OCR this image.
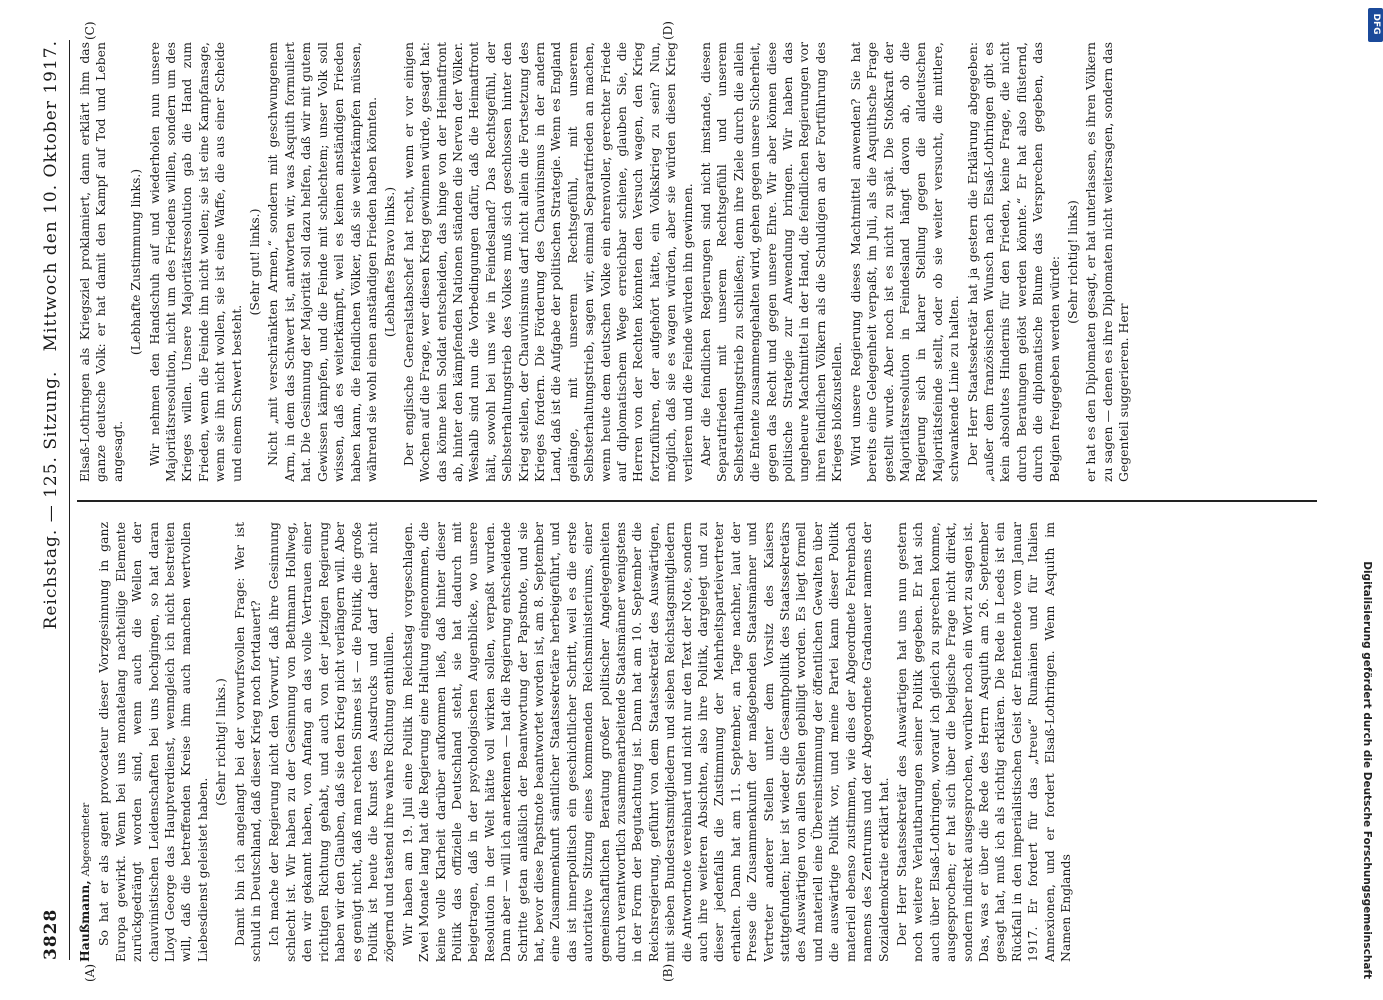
3828
Reichstag. — 125. Sitzung.
Mittwoch den 10. Oktober 1917.
(A)	(B)
(C)	(D)

Haußmann, Abgeordneter So hat er als agent provocateur dieser Vorzgesinnung in ganz Europa gewirkt. Wenn bei uns monatelang nachteilige Elemente zurückgedrängt worden sind, wenn auch die Wellen der chauvinistischen Leidenschaften bei uns hochgingen, so hat daran Lloyd George das Hauptverdienst, wenngleich ich nicht bestreiten will, daß die betreffenden Kreise ihm auch manchen wertvollen Liebesdienst geleistet haben.

(Sehr richtig! links.) Damit bin ich angelangt bei der vorwurfsvollen Frage: Wer ist schuld in Deutschland, daß dieser Krieg noch fortdauert? Ich mache der Regierung nicht den Vorwurf, daß ihre Gesinnung schlecht ist. Wir haben zu der Gesinnung von Bethmann Hollweg, den wir gekannt haben, von Anfang an das volle Vertrauen einer richtigen Richtung gehabt, und auch von der jetzigen Regierung haben wir den Glauben, daß sie den Krieg nicht verlängern will. Aber es genügt nicht, daß man rechten Sinnes ist — die Politik, die große Politik ist heute die Kunst des Ausdrucks und darf daher nicht zögernd und tastend ihre wahre Richtung enthüllen. Wir haben am 19. Juli eine Politik im Reichstag vorgeschlagen. Zwei Monate lang hat die Regierung eine Haltung eingenommen, die keine volle Klarheit darüber aufkommen ließ, daß hinter dieser Politik das offizielle Deutschland steht, sie hat dadurch mit beigetragen, daß in der psychologischen Augenblicke, wo unsere Resolution in der Welt hätte voll wirken sollen, verpaßt wurden. Dann aber — will ich anerkennen — hat die Regierung entscheidende Schritte getan anläßlich der Beantwortung der Papstnote, und sie hat, bevor diese Papstnote beantwortet worden ist, am 8. September eine Zusammenkunft sämtlicher Staatssekretäre herbeigeführt, und das ist innerpolitisch ein geschichtlicher Schritt, weil es die erste autoritative Sitzung eines kommenden Reichsministeriums, einer gemeinschaftlichen Beratung großer politischer Angelegenheiten durch verantwortlich zusammenarbeitende Staatsmänner wenigstens in der Form der Begutachtung ist. Dann hat am 10. September die Reichsregierung, geführt von dem Staatssekretär des Auswärtigen, mit sieben Bundesratsmitgliedern und sieben Reichstagsmitgliedern die Antwortnote vereinbart und nicht nur den Text der Note, sondern auch ihre weiteren Absichten, also ihre Politik, dargelegt und zu dieser jedenfalls die Zustimmung der Mehrheitsparteivertreter erhalten. Dann hat am 11. September, an Tage nachher, laut der Presse die Zusammenkunft der maßgebenden Staatsmänner und Vertreter anderer Stellen unter dem Vorsitz des Kaisers stattgefunden; hier ist wieder die Gesamtpolitik des Staatssekretärs des Auswärtigen von allen Stellen gebilligt worden. Es liegt formell und materiell eine Übereinstimmung der öffentlichen Gewalten über die auswärtige Politik vor, und meine Partei kann dieser Politik materiell ebenso zustimmen, wie dies der Abgeordnete Fehrenbach namens des Zentrums und der Abgeordnete Gradnauer namens der Sozialdemokratie erklärt hat. Der Herr Staatssekretär des Auswärtigen hat uns nun gestern noch weitere Verlautbarungen seiner Politik gegeben. Er hat sich auch über Elsaß-Lothringen, worauf ich gleich zu sprechen komme, ausgesprochen; er hat sich über die belgische Frage nicht direkt, sondern indirekt ausgesprochen, worüber noch ein Wort zu sagen ist. Das, was er über die Rede des Herrn Asquith am 26. September gesagt hat, muß ich als richtig erklären. Die Rede in Leeds ist ein Rückfall in den imperialistischen Geist der Ententenote vom Januar 1917. Er fordert für das „treue“ Rumänien und für Italien Annexionen, und er fordert Elsaß-Lothringen. Wenn Asquith im Namen Englands

Elsaß-Lothringen als Kriegsziel proklamiert, dann erklärt ihm das ganze deutsche Volk: er hat damit den Kampf auf Tod und Leben angesagt.

(Lebhafte Zustimmung links.) Wir nehmen den Handschuh auf und wiederholen nun unsere Majoritätsresolution, nicht um des Friedens willen, sondern um des Krieges willen. Unsere Majoritätsresolution gab die Hand zum Frieden, wenn die Feinde ihn nicht wollen; sie ist eine Kampfansage, wenn sie ihn nicht wollen, sie ist eine Waffe, die aus einer Scheide und einem Schwert besteht.

(Sehr gut! links.) Nicht „mit verschränkten Armen,“ sondern mit geschwungenem Arm, in dem das Schwert ist, antworten wir, was Asquith formuliert hat. Die Gesinnung der Majorität soll dazu helfen, daß wir mit gutem Gewissen kämpfen, und die Feinde mit schlechtem; unser Volk soll wissen, daß es weiterkämpft, weil es keinen anständigen Frieden haben kann, die feindlichen Völker, daß sie weiterkämpfen müssen, während sie wohl einen anständigen Frieden haben könnten. (Lebhaftes Bravo links.) Der englische Generalstabschef hat recht, wenn er vor einigen Wochen auf die Frage, wer diesen Krieg gewinnen würde, gesagt hat: das könne kein Soldat entscheiden, das hinge von der Heimatfront ab, hinter den kämpfenden Nationen ständen die Nerven der Völker. Weshalb sind nun die Vorbedingungen dafür, daß die Heimatfront hält, sowohl bei uns wie in Feindesland? Das Rechtsgefühl, der Selbsterhaltungstrieb des Volkes muß sich geschlossen hinter den Krieg stellen, der Chauvinismus darf nicht allein die Fortsetzung des Krieges fordern. Die Förderung des Chauvinismus in der andern Land, daß ist die Aufgabe der politischen Strategie. Wenn es England gelänge, mit unserem Rechtsgefühl, mit unserem Selbsterhaltungstrieb, sagen wir, einmal Separatfrieden an machen, wenn heute dem deutschen Volke ein ehrenvoller, gerechter Friede auf diplomatischem Wege erreichbar schiene, glauben Sie, die Herren von der Rechten könnten den Versuch wagen, den Krieg fortzuführen, der aufgehört hätte, ein Volkskrieg zu sein? Nun, möglich, daß sie es wagen würden, aber sie würden diesen Krieg verlieren und die Feinde würden ihn gewinnen. Aber die feindlichen Regierungen sind nicht imstande, diesen Separatfrieden mit unserem Rechtsgefühl und unserem Selbsterhaltungstrieb zu schließen; denn ihre Ziele durch die allein die Entente zusammengehalten wird, gehen gegen unsere Sicherheit, gegen das Recht und gegen unsere Ehre. Wir aber können diese politische Strategie zur Anwendung bringen. Wir haben das ungeheure Machtmittel in der Hand, die feindlichen Regierungen vor ihren feindlichen Völkern als die Schuldigen an der Fortführung des Krieges bloßzustellen. Wird unsere Regierung dieses Machtmittel anwenden? Sie hat bereits eine Gelegenheit verpaßt, im Juli, als die Asquithsche Frage gestellt wurde. Aber noch ist es nicht zu spät. Die Stoßkraft der Majoritätsresolution in Feindesland hängt davon ab, ob die Regierung sich in klarer Stellung gegen die alldeutschen Majoritätsfeinde stellt, oder ob sie weiter versucht, die mittlere, schwankende Linie zu halten. Der Herr Staatssekretär hat ja gestern die Erklärung abgegeben: „außer dem französischen Wunsch nach Elsaß-Lothringen gibt es kein absolutes Hindernis für den Frieden, keine Frage, die nicht durch Beratungen gelöst werden könnte.“ Er hat also flüsternd, durch die diplomatische Blume das Versprechen gegeben, das Belgien freigegeben werden würde: (Sehr richtig! links) er hat es den Diplomaten gesagt, er hat unterlassen, es ihren Völkern zu sagen — denen es ihre Diplomaten nicht weitersagen, sondern das Gegenteil suggerieren. Herr

Digitalisierung gefördert durch die Deutsche Forschungsgemeinschaft
DFG
